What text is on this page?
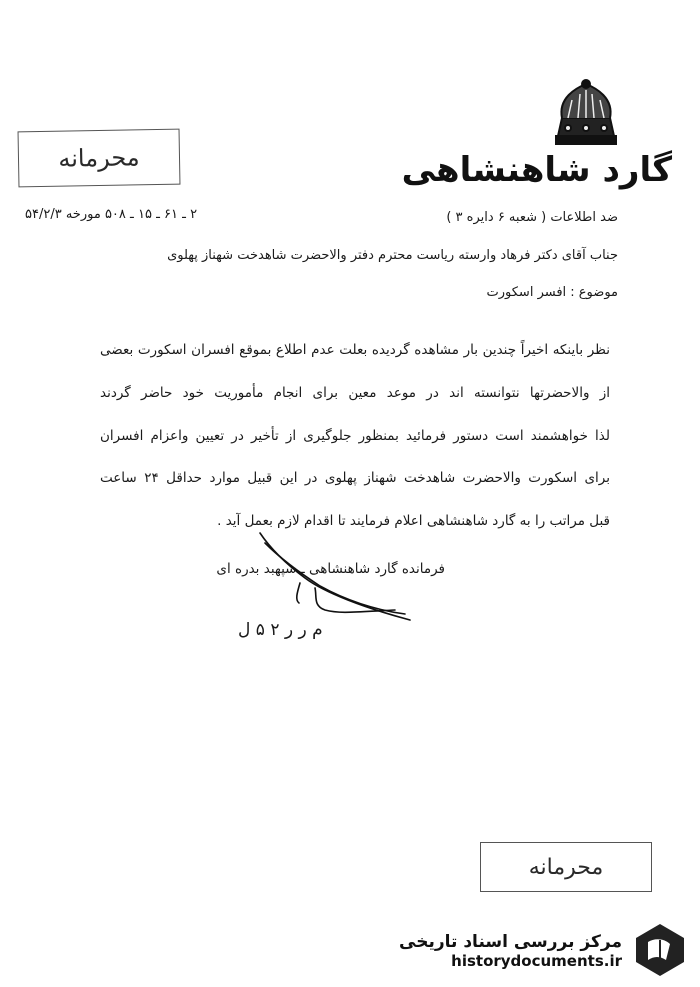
محرمانه	گارد شاهنشاهی
۲ ـ ۶۱ ـ ۱۵ ـ ۵۰۸ مورخه ۵۴/۲/۳	ضد اطلاعات ( شعبه ۶ دایره ۳ )
جناب آقای دکتر فرهاد وارسته ریاست محترم دفتر والاحضرت شاهدخت شهناز پهلوی
موضوع : افسر اسکورت
نظر باینکه اخیراً چندین بار مشاهده گردیده بعلت عدم اطلاع بموقع افسران اسکورت بعضی
از والاحضرتها نتوانسته اند در موعد معین برای انجام مأموریت خود حاضر گردند
لذا خواهشمند است دستور فرمائید بمنظور جلوگیری از تأخیر در تعیین واعزام افسران
برای اسکورت والاحضرت شاهدخت شهناز پهلوی در این قبیل موارد حداقل ۲۴ ساعت
قبل مراتب را به گارد شاهنشاهی اعلام فرمایند تا اقدام لازم بعمل آید .
فرمانده گارد شاهنشاهی ـ سپهبد بدره ای
م ر ر ۲ ۵ ل
محرمانه
مرکز بررسی اسناد تاریخی
historydocuments.ir
